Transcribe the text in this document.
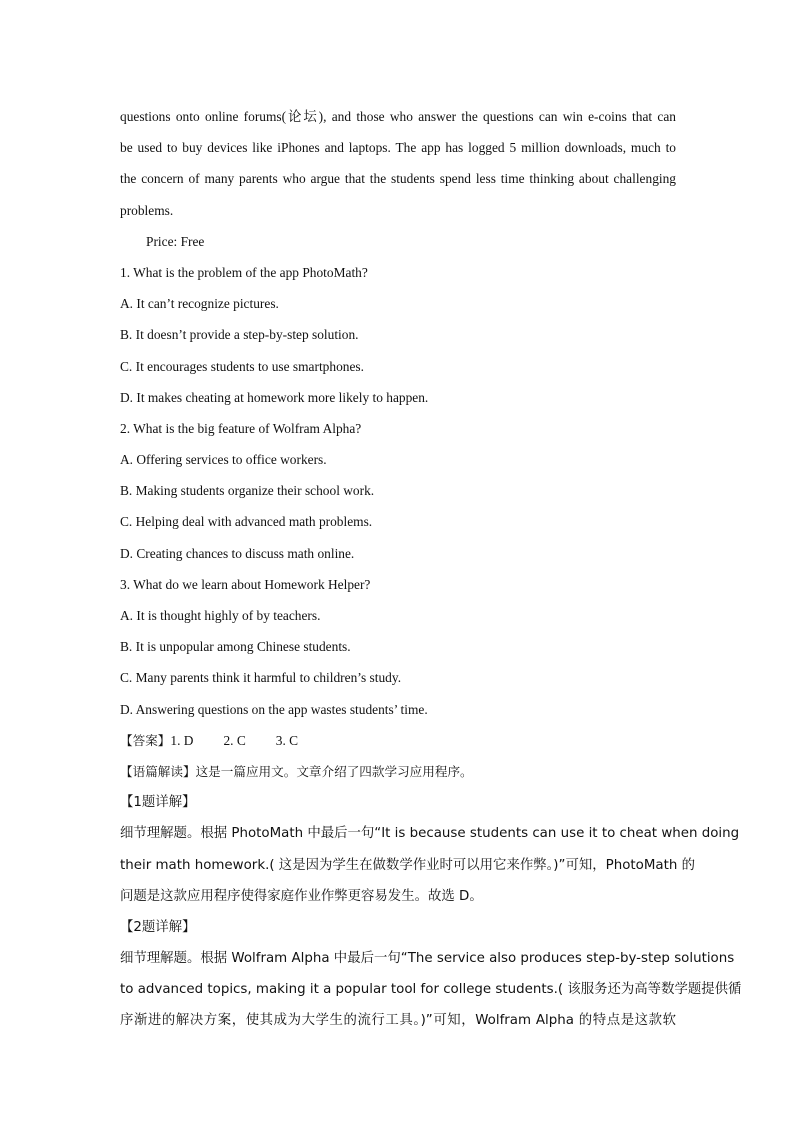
questions onto online forums(论坛), and those who answer the questions can win e-coins that can
be used to buy devices like iPhones and laptops. The app has logged 5 million downloads, much to
the concern of many parents who argue that the students spend less time thinking about challenging
problems.
Price: Free
1. What is the problem of the app PhotoMath?
A. It can’t recognize pictures.
B. It doesn’t provide a step-by-step solution.
C. It encourages students to use smartphones.
D. It makes cheating at homework more likely to happen.
2. What is the big feature of Wolfram Alpha?
A. Offering services to office workers.
B. Making students organize their school work.
C. Helping deal with advanced math problems.
D. Creating chances to discuss math online.
3. What do we learn about Homework Helper?
A. It is thought highly of by teachers.
B. It is unpopular among Chinese students.
C. Many parents think it harmful to children’s study.
D. Answering questions on the app wastes students’ time.
【答案】1. D 2. C 3. C
【语篇解读】这是一篇应用文。文章介绍了四款学习应用程序。
【1题详解】
细节理解题。根据 PhotoMath 中最后一句“It is because students can use it to cheat when doing
their math homework.( 这是因为学生在做数学作业时可以用它来作弊。)”可知，PhotoMath 的
问题是这款应用程序使得家庭作业作弊更容易发生。故选 D。
【2题详解】
细节理解题。根据 Wolfram Alpha 中最后一句“The service also produces step-by-step solutions
to advanced topics, making it a popular tool for college students.( 该服务还为高等数学题提供循
序渐进的解决方案，使其成为大学生的流行工具。)”可知，Wolfram Alpha 的特点是这款软
